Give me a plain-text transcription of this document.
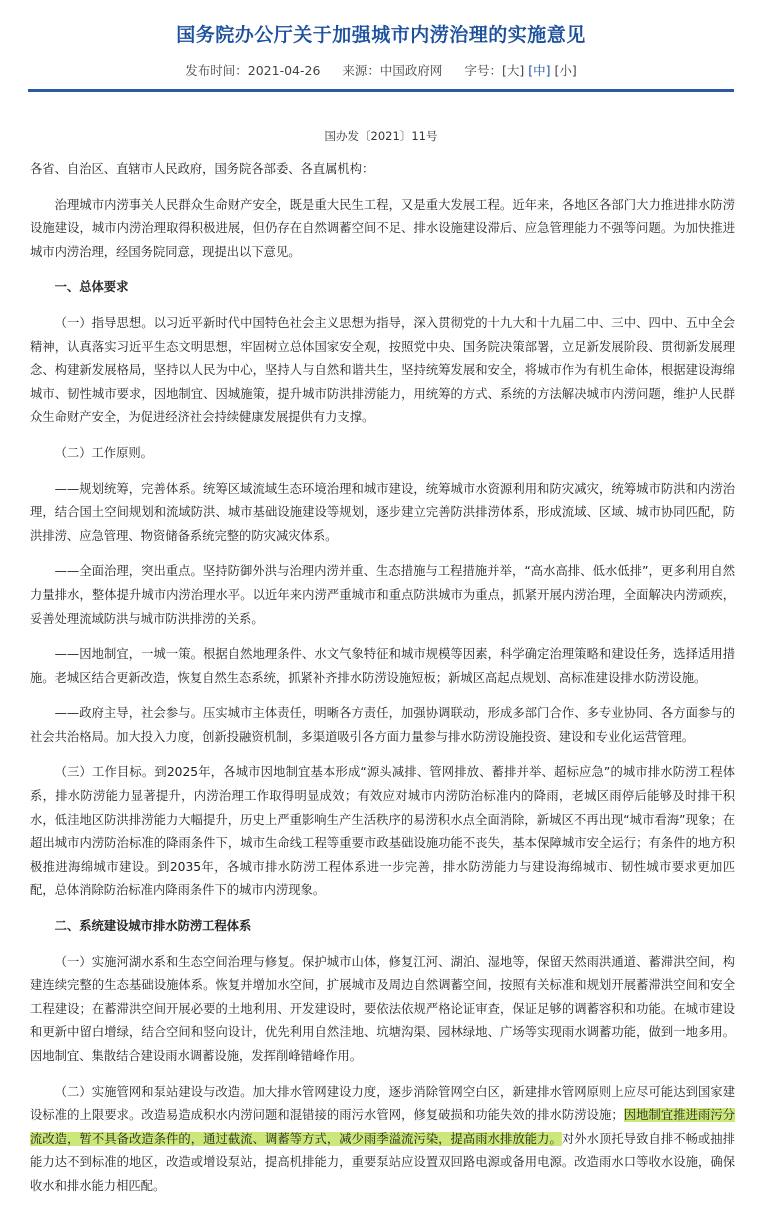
国务院办公厅关于加强城市内涝治理的实施意见
发布时间：2021-04-26 来源：中国政府网 字号：[大] [中] [小]
国办发〔2021〕11号

各省、自治区、直辖市人民政府，国务院各部委、各直属机构：

治理城市内涝事关人民群众生命财产安全，既是重大民生工程，又是重大发展工程。近年来，各地区各部门大力推进排水防涝设施建设，城市内涝治理取得积极进展，但仍存在自然调蓄空间不足、排水设施建设滞后、应急管理能力不强等问题。为加快推进城市内涝治理，经国务院同意，现提出以下意见。

一、总体要求

（一）指导思想。以习近平新时代中国特色社会主义思想为指导，深入贯彻党的十九大和十九届二中、三中、四中、五中全会精神，认真落实习近平生态文明思想，牢固树立总体国家安全观，按照党中央、国务院决策部署，立足新发展阶段、贯彻新发展理念、构建新发展格局，坚持以人民为中心，坚持人与自然和谐共生，坚持统筹发展和安全，将城市作为有机生命体，根据建设海绵城市、韧性城市要求，因地制宜、因城施策，提升城市防洪排涝能力，用统筹的方式、系统的方法解决城市内涝问题，维护人民群众生命财产安全，为促进经济社会持续健康发展提供有力支撑。

（二）工作原则。

——规划统筹，完善体系。统筹区域流域生态环境治理和城市建设，统筹城市水资源利用和防灾减灾，统筹城市防洪和内涝治理，结合国土空间规划和流域防洪、城市基础设施建设等规划，逐步建立完善防洪排涝体系，形成流域、区域、城市协同匹配，防洪排涝、应急管理、物资储备系统完整的防灾减灾体系。

——全面治理，突出重点。坚持防御外洪与治理内涝并重、生态措施与工程措施并举，“高水高排、低水低排”，更多利用自然力量排水，整体提升城市内涝治理水平。以近年来内涝严重城市和重点防洪城市为重点，抓紧开展内涝治理，全面解决内涝顽疾，妥善处理流域防洪与城市防洪排涝的关系。

——因地制宜，一城一策。根据自然地理条件、水文气象特征和城市规模等因素，科学确定治理策略和建设任务，选择适用措施。老城区结合更新改造，恢复自然生态系统，抓紧补齐排水防涝设施短板；新城区高起点规划、高标准建设排水防涝设施。

——政府主导，社会参与。压实城市主体责任，明晰各方责任，加强协调联动，形成多部门合作、多专业协同、各方面参与的社会共治格局。加大投入力度，创新投融资机制，多渠道吸引各方面力量参与排水防涝设施投资、建设和专业化运营管理。

（三）工作目标。到2025年，各城市因地制宜基本形成“源头减排、管网排放、蓄排并举、超标应急”的城市排水防涝工程体系，排水防涝能力显著提升，内涝治理工作取得明显成效；有效应对城市内涝防治标准内的降雨，老城区雨停后能够及时排干积水，低洼地区防洪排涝能力大幅提升，历史上严重影响生产生活秩序的易涝积水点全面消除，新城区不再出现“城市看海”现象；在超出城市内涝防治标准的降雨条件下，城市生命线工程等重要市政基础设施功能不丧失，基本保障城市安全运行；有条件的地方积极推进海绵城市建设。到2035年，各城市排水防涝工程体系进一步完善，排水防涝能力与建设海绵城市、韧性城市要求更加匹配，总体消除防治标准内降雨条件下的城市内涝现象。

二、系统建设城市排水防涝工程体系

（一）实施河湖水系和生态空间治理与修复。保护城市山体，修复江河、湖泊、湿地等，保留天然雨洪通道、蓄滞洪空间，构建连续完整的生态基础设施体系。恢复并增加水空间，扩展城市及周边自然调蓄空间，按照有关标准和规划开展蓄滞洪空间和安全工程建设；在蓄滞洪空间开展必要的土地利用、开发建设时，要依法依规严格论证审查，保证足够的调蓄容积和功能。在城市建设和更新中留白增绿，结合空间和竖向设计，优先利用自然洼地、坑塘沟渠、园林绿地、广场等实现雨水调蓄功能，做到一地多用。因地制宜、集散结合建设雨水调蓄设施，发挥削峰错峰作用。

（二）实施管网和泵站建设与改造。加大排水管网建设力度，逐步消除管网空白区，新建排水管网原则上应尽可能达到国家建设标准的上限要求。改造易造成积水内涝问题和混错接的雨污水管网，修复破损和功能失效的排水防涝设施；因地制宜推进雨污分流改造，暂不具备改造条件的，通过截流、调蓄等方式，减少雨季溢流污染，提高雨水排放能力。对外水顶托导致自排不畅或抽排能力达不到标准的地区，改造或增设泵站，提高机排能力，重要泵站应设置双回路电源或备用电源。改造雨水口等收水设施，确保收水和排水能力相匹配。
